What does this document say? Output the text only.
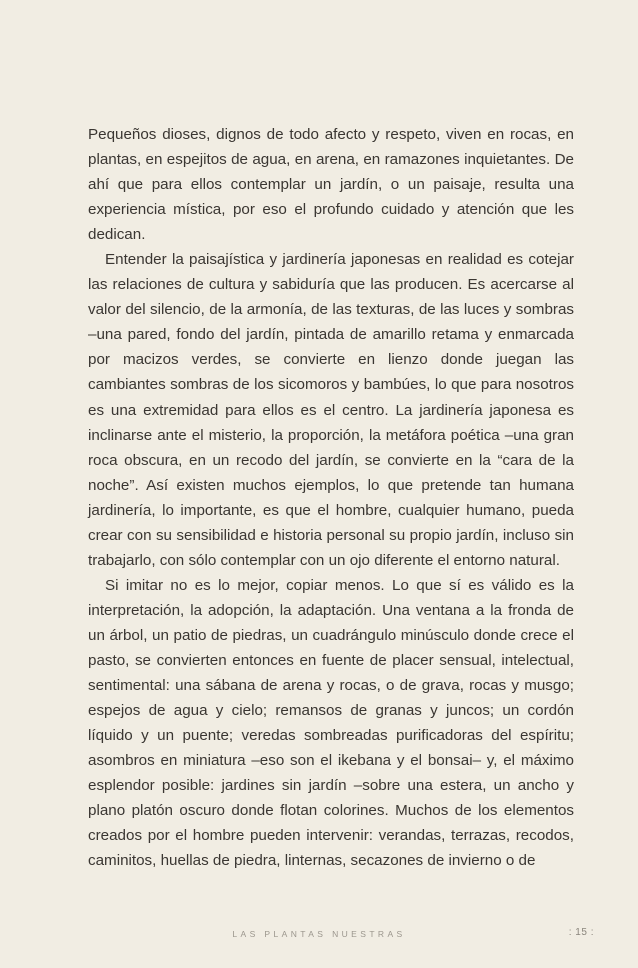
Pequeños dioses, dignos de todo afecto y respeto, viven en rocas, en plantas, en espejitos de agua, en arena, en ramazones inquietantes. De ahí que para ellos contemplar un jardín, o un paisaje, resulta una experiencia mística, por eso el profundo cuidado y atención que les dedican.

Entender la paisajística y jardinería japonesas en realidad es cotejar las relaciones de cultura y sabiduría que las producen. Es acercarse al valor del silencio, de la armonía, de las texturas, de las luces y sombras –una pared, fondo del jardín, pintada de amarillo retama y enmarcada por macizos verdes, se convierte en lienzo donde juegan las cambiantes sombras de los sicomoros y bambúes, lo que para nosotros es una extremidad para ellos es el centro. La jardinería japonesa es inclinarse ante el misterio, la proporción, la metáfora poética –una gran roca obscura, en un recodo del jardín, se convierte en la “cara de la noche”. Así existen muchos ejemplos, lo que pretende tan humana jardinería, lo importante, es que el hombre, cualquier humano, pueda crear con su sensibilidad e historia personal su propio jardín, incluso sin trabajarlo, con sólo contemplar con un ojo diferente el entorno natural.

Si imitar no es lo mejor, copiar menos. Lo que sí es válido es la interpretación, la adopción, la adaptación. Una ventana a la fronda de un árbol, un patio de piedras, un cuadrángulo minúsculo donde crece el pasto, se convierten entonces en fuente de placer sensual, intelectual, sentimental: una sábana de arena y rocas, o de grava, rocas y musgo; espejos de agua y cielo; remansos de granas y juncos; un cordón líquido y un puente; veredas sombreadas purificadoras del espíritu; asombros en miniatura –eso son el ikebana y el bonsai– y, el máximo esplendor posible: jardines sin jardín –sobre una estera, un ancho y plano platón oscuro donde flotan colorines. Muchos de los elementos creados por el hombre pueden intervenir: verandas, terrazas, recodos, caminitos, huellas de piedra, linternas, secazones de invierno o de

LAS PLANTAS NUESTRAS	: 15 :
